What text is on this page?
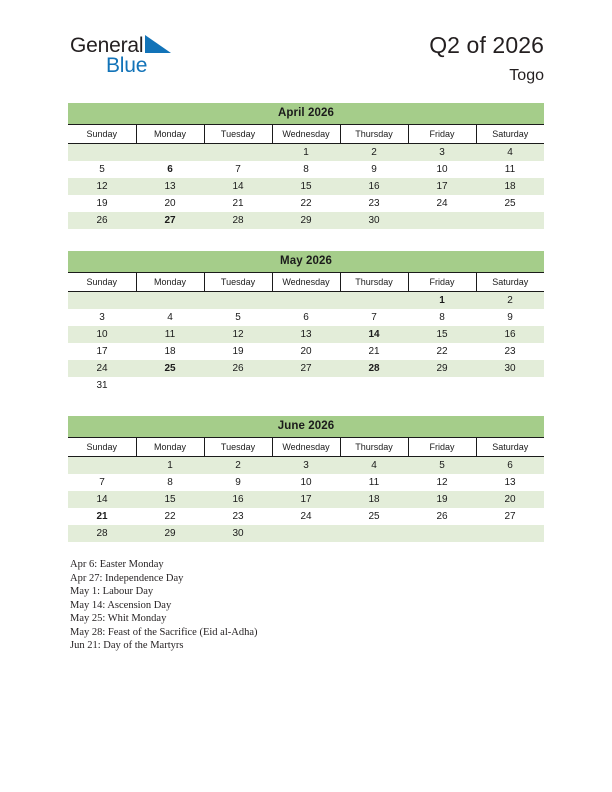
General
Blue
Q2 of 2026
Togo
April 2026
Sunday	Monday	Tuesday	Wednesday	Thursday	Friday	Saturday
			1	2	3	4
5	6	7	8	9	10	11
12	13	14	15	16	17	18
19	20	21	22	23	24	25
26	27	28	29	30		
May 2026
Sunday	Monday	Tuesday	Wednesday	Thursday	Friday	Saturday
					1	2
3	4	5	6	7	8	9
10	11	12	13	14	15	16
17	18	19	20	21	22	23
24	25	26	27	28	29	30
31						
June 2026
Sunday	Monday	Tuesday	Wednesday	Thursday	Friday	Saturday
	1	2	3	4	5	6
7	8	9	10	11	12	13
14	15	16	17	18	19	20
21	22	23	24	25	26	27
28	29	30				
Apr 6: Easter Monday
Apr 27: Independence Day
May 1: Labour Day
May 14: Ascension Day
May 25: Whit Monday
May 28: Feast of the Sacrifice (Eid al-Adha)
Jun 21: Day of the Martyrs
